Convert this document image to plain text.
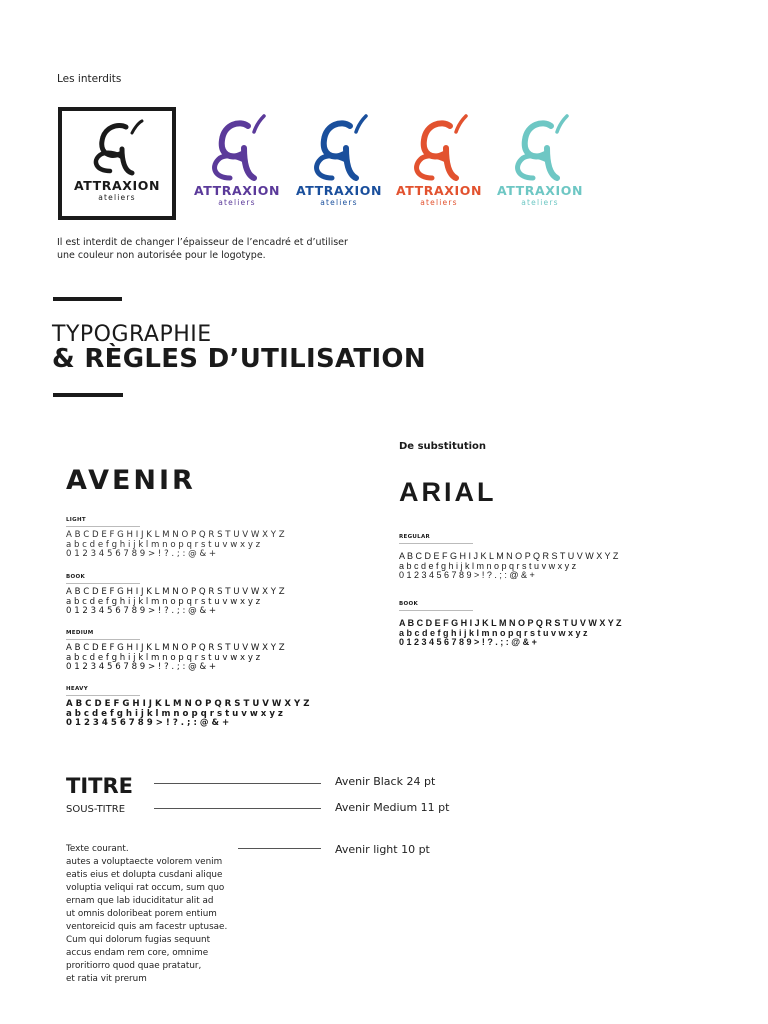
Les interdits
ATTRAXION
ateliers	ATTRAXION
ateliers
ATTRAXION
ateliers
ATTRAXION
ateliers
ATTRAXION
ateliers
Il est interdit de changer l’épaisseur de l’encadré et d’utiliser
une couleur non autorisée pour le logotype.
TYPOGRAPHIE
& RÈGLES D’UTILISATION
AVENIR
LIGHT
A B C D E F G H I J K L M N O P Q R S T U V W X Y Z
a b c d e f g h i j k l m n o p q r s t u v w x y z
0 1 2 3 4 5 6 7 8 9 > ! ? . ; : @ & +
BOOK
A B C D E F G H I J K L M N O P Q R S T U V W X Y Z
a b c d e f g h i j k l m n o p q r s t u v w x y z
0 1 2 3 4 5 6 7 8 9 > ! ? . ; : @ & +
MEDIUM
A B C D E F G H I J K L M N O P Q R S T U V W X Y Z
a b c d e f g h i j k l m n o p q r s t u v w x y z
0 1 2 3 4 5 6 7 8 9 > ! ? . ; : @ & +
HEAVY
A B C D E F G H I J K L M N O P Q R S T U V W X Y Z
a b c d e f g h i j k l m n o p q r s t u v w x y z
0 1 2 3 4 5 6 7 8 9 > ! ? . ; : @ & +
De substitution
ARIAL
REGULAR
A B C D E F G H I J K L M N O P Q R S T U V W X Y Z
a b c d e f g h i j k l m n o p q r s t u v w x y z
0 1 2 3 4 5 6 7 8 9 > ! ? . ; : @ & +
BOOK
A B C D E F G H I J K L M N O P Q R S T U V W X Y Z
a b c d e f g h i j k l m n o p q r s t u v w x y z
0 1 2 3 4 5 6 7 8 9 > ! ? . ; : @ & +
TITRE	Avenir Black 24 pt
SOUS-TITRE	Avenir Medium 11 pt
Avenir light 10 pt
Texte courant.
autes a voluptaecte volorem venim
eatis eius et dolupta cusdani alique
voluptia veliqui rat occum, sum quo
ernam que lab iduciditatur alit ad
ut omnis doloribeat porem entium
ventoreicid quis am facestr uptusae.
Cum qui dolorum fugias sequunt
accus endam rem core, omnime
proritiorro quod quae pratatur,
et ratia vit prerum
